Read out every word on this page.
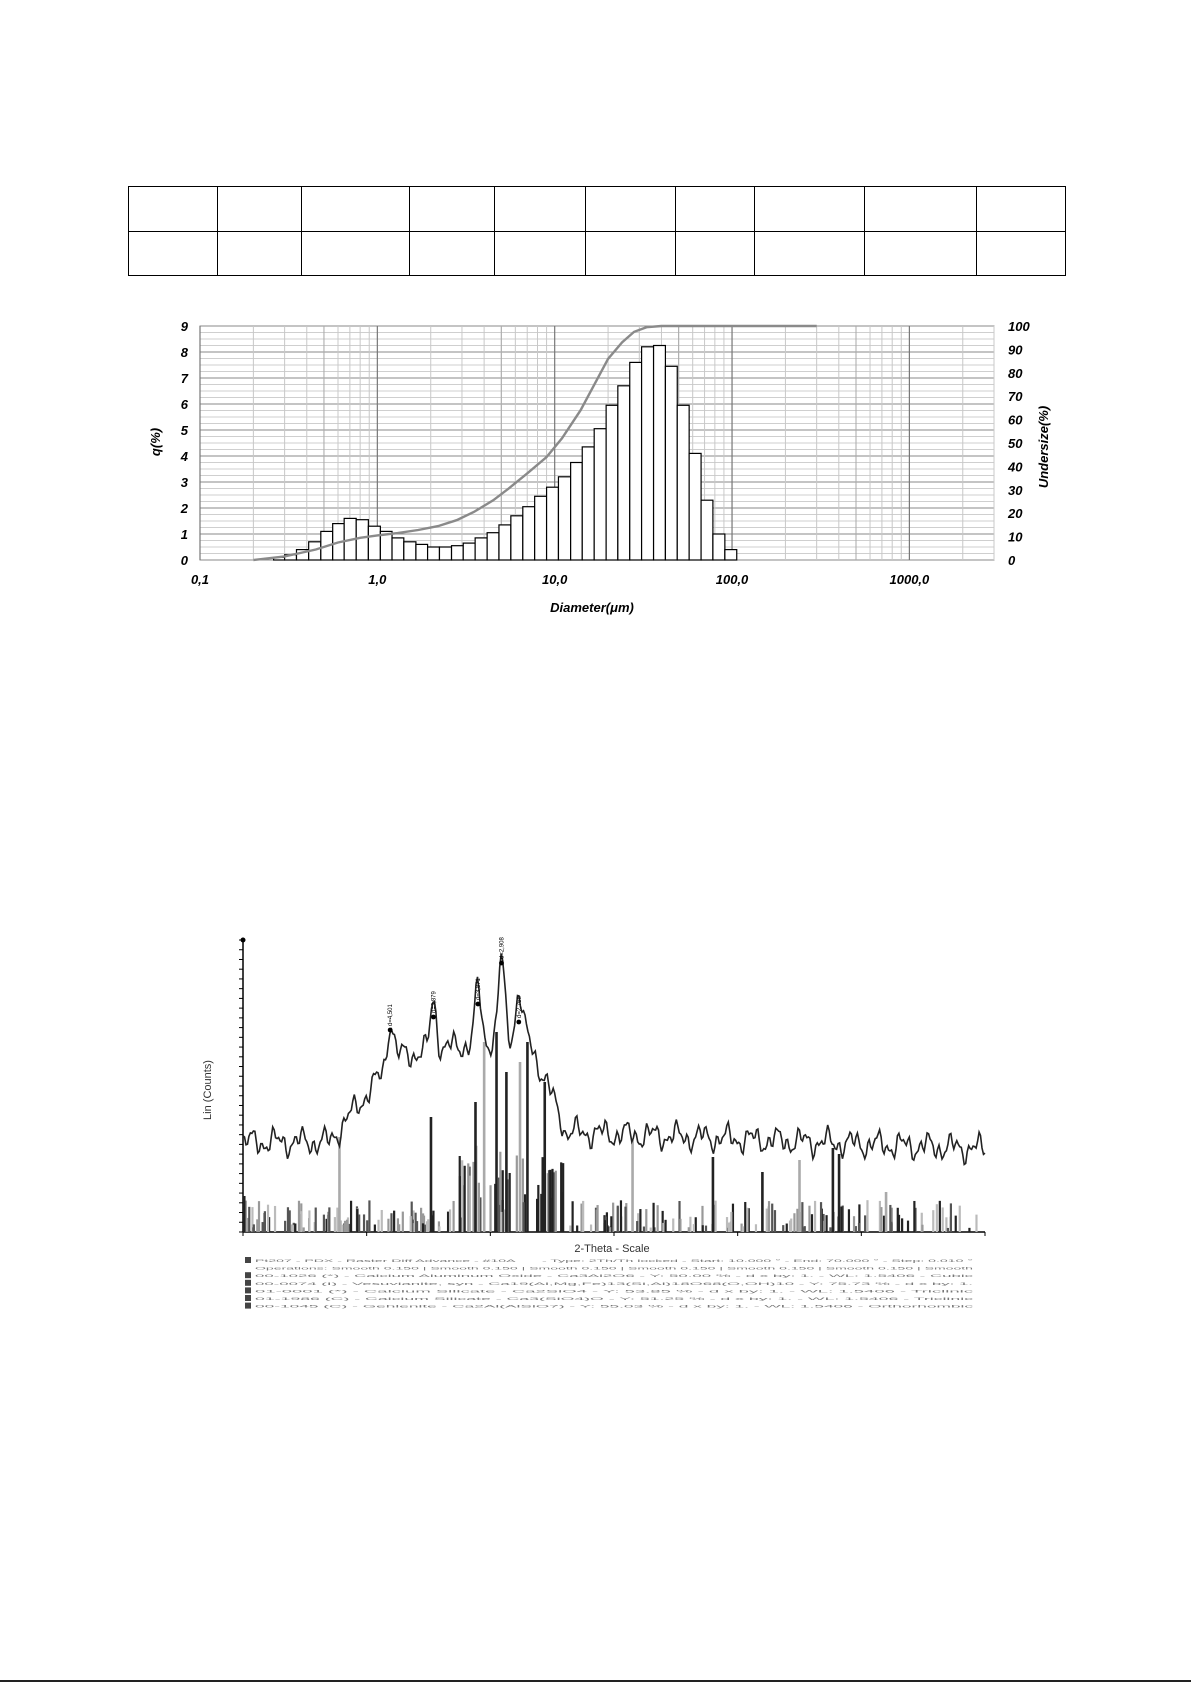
0,1	1,0	10,0	100,0	1000,0
0
1
2
3
4
5
6
7
8
9
0
10
20
30
40
50
60
70
80
90
100
Diameter(μm)
q(%)	Undersize(%)
d=4,501
d=3,879
d=3,871
d=2,908
d=2,768
2-Theta - Scale
Lin (Counts)
Pt207 - PDX - Raster Diff Advance - #10A - Type: 2Th/Th locked - Start: 10.000 ° - End: 70.000 ° - Step: 0.010 °
Operations: Smooth 0.150 | Smooth 0.150 | Smooth 0.150 | Smooth 0.150 | Smooth 0.150 | Smooth 0.150 | Smooth
00-1026 (*) - Calcium Aluminum Oxide - Ca3Al2O6 - Y: 50.00 % - d x by: 1. - WL: 1.5406 - Cubic
00-0074 (I) - Vesuvianite, syn - Ca19(Al,Mg,Fe)13(Si,Al)18O68(O,OH)10 - Y: 75.73 % - d x by: 1.
01-0001 (*) - Calcium Silicate - Ca2SiO4 - Y: 53.85 % - d x by: 1. - WL: 1.5406 - Triclinic
01-1986 (C) - Calcium Silicate - Ca3(SiO4)O - Y: 51.25 % - d x by: 1. - WL: 1.5406 - Triclinic
00-1045 (C) - Gehlenite - Ca2Al(AlSiO7) - Y: 55.03 % - d x by: 1. - WL: 1.5406 - Orthorhombic
